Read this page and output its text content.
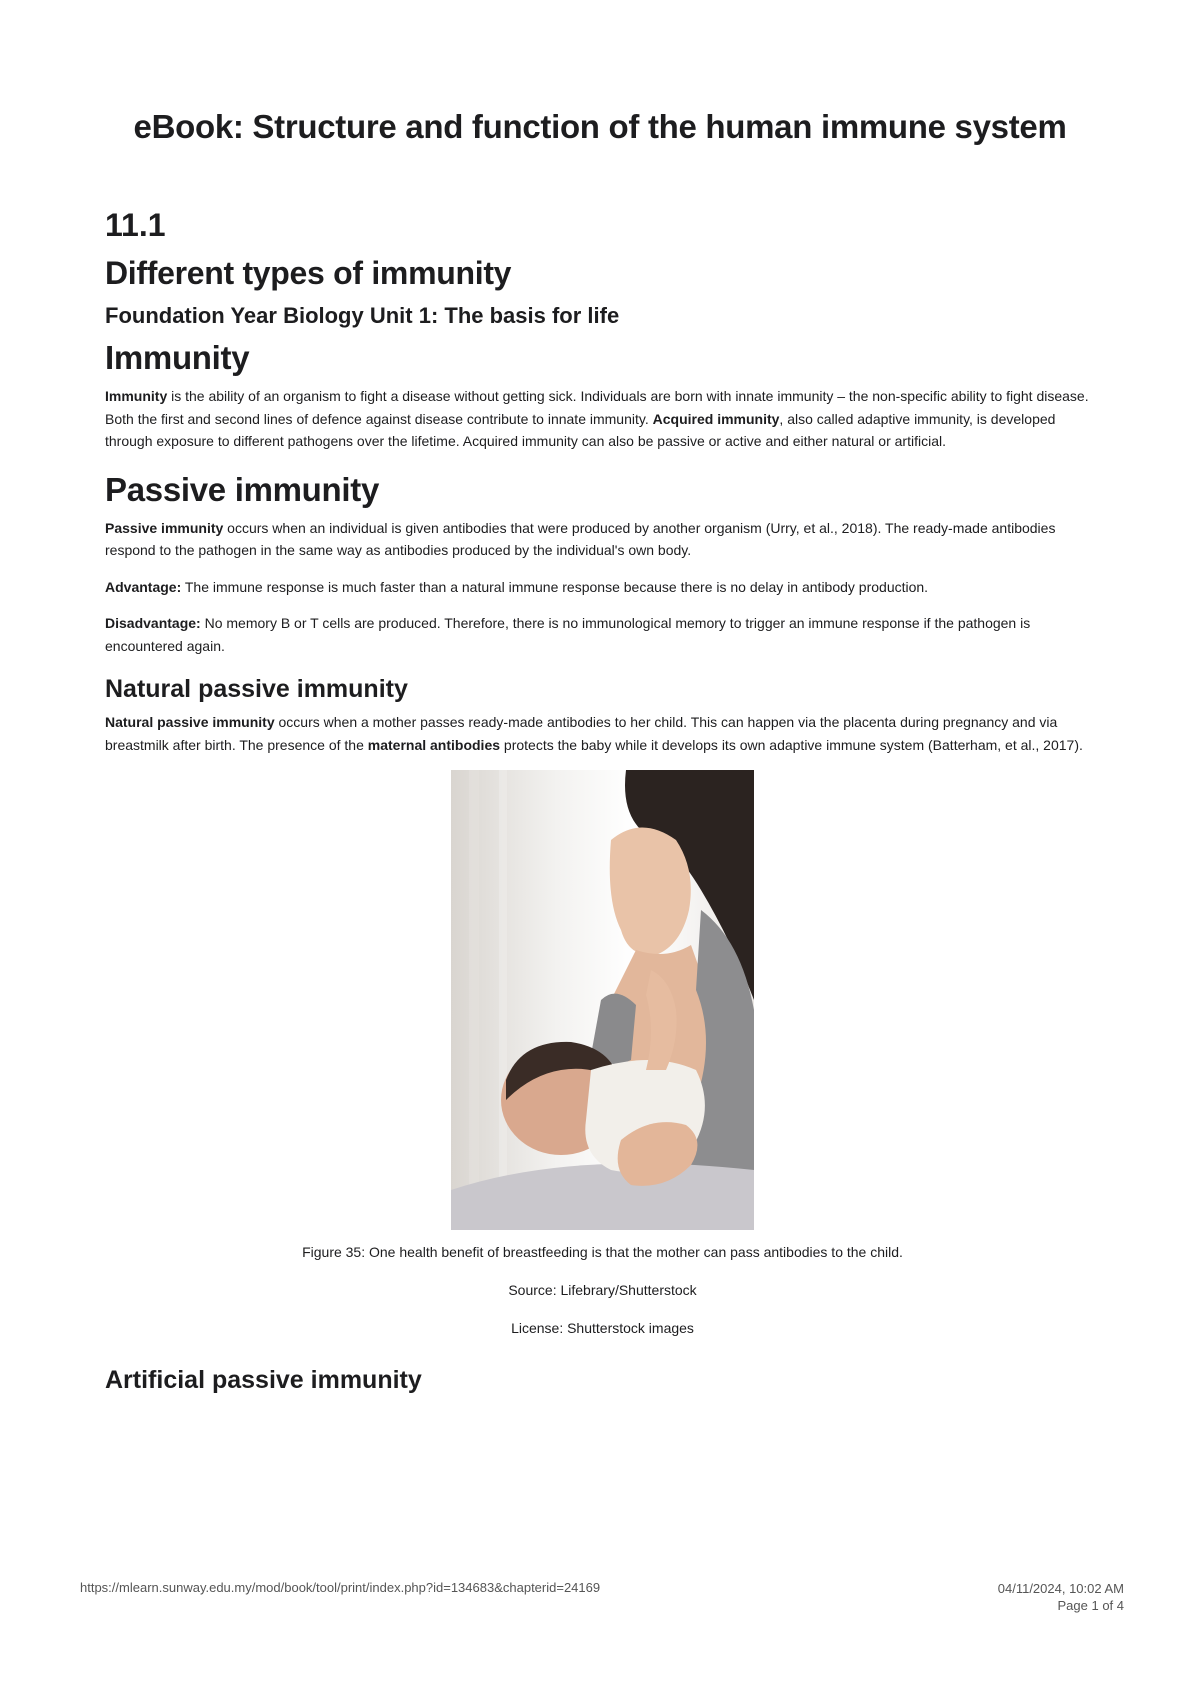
eBook: Structure and function of the human immune system
11.1
Different types of immunity
Foundation Year Biology Unit 1: The basis for life
Immunity

Immunity is the ability of an organism to fight a disease without getting sick. Individuals are born with innate immunity – the non-specific ability to fight disease. Both the first and second lines of defence against disease contribute to innate immunity. Acquired immunity, also called adaptive immunity, is developed through exposure to different pathogens over the lifetime. Acquired immunity can also be passive or active and either natural or artificial.

Passive immunity

Passive immunity occurs when an individual is given antibodies that were produced by another organism (Urry, et al., 2018). The ready-made antibodies respond to the pathogen in the same way as antibodies produced by the individual's own body.

Advantage: The immune response is much faster than a natural immune response because there is no delay in antibody production.

Disadvantage: No memory B or T cells are produced. Therefore, there is no immunological memory to trigger an immune response if the pathogen is encountered again.

Natural passive immunity

Natural passive immunity occurs when a mother passes ready-made antibodies to her child. This can happen via the placenta during pregnancy and via breastmilk after birth. The presence of the maternal antibodies protects the baby while it develops its own adaptive immune system (Batterham, et al., 2017).

Figure 35: One health benefit of breastfeeding is that the mother can pass antibodies to the child.
Source: Lifebrary/Shutterstock
License: Shutterstock images
Artificial passive immunity
https://mlearn.sunway.edu.my/mod/book/tool/print/index.php?id=134683&chapterid=24169	04/11/2024, 10:02 AM
Page 1 of 4
